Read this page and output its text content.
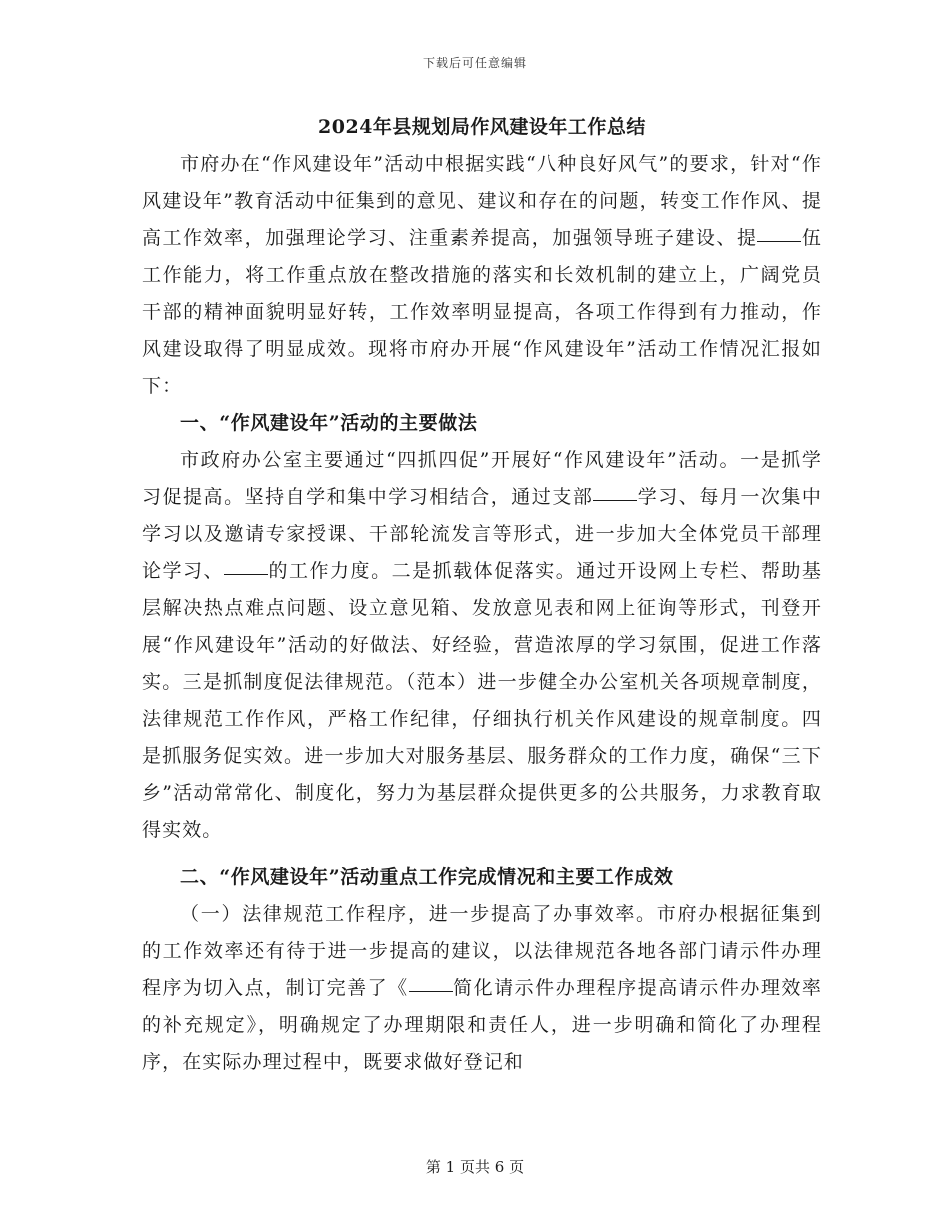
下载后可任意编辑
2024年县规划局作风建设年工作总结

市府办在“作风建设年”活动中根据实践“八种良好风气”的要求，针对“作风建设年”教育活动中征集到的意见、建议和存在的问题，转变工作作风、提高工作效率，加强理论学习、注重素养提高，加强领导班子建设、提 伍工作能力，将工作重点放在整改措施的落实和长效机制的建立上，广阔党员干部的精神面貌明显好转，工作效率明显提高，各项工作得到有力推动，作风建设取得了明显成效。现将市府办开展“作风建设年”活动工作情况汇报如下：

一、“作风建设年”活动的主要做法

市政府办公室主要通过“四抓四促”开展好“作风建设年”活动。一是抓学习促提高。坚持自学和集中学习相结合，通过支部 学习、每月一次集中学习以及邀请专家授课、干部轮流发言等形式，进一步加大全体党员干部理论学习、 的工作力度。二是抓载体促落实。通过开设网上专栏、帮助基层解决热点难点问题、设立意见箱、发放意见表和网上征询等形式，刊登开展“作风建设年”活动的好做法、好经验，营造浓厚的学习氛围，促进工作落实。三是抓制度促法律规范。（范本）进一步健全办公室机关各项规章制度，法律规范工作作风，严格工作纪律，仔细执行机关作风建设的规章制度。四是抓服务促实效。进一步加大对服务基层、服务群众的工作力度，确保“三下乡”活动常常化、制度化，努力为基层群众提供更多的公共服务，力求教育取得实效。

二、“作风建设年”活动重点工作完成情况和主要工作成效

（一）法律规范工作程序，进一步提高了办事效率。市府办根据征集到的工作效率还有待于进一步提高的建议，以法律规范各地各部门请示件办理程序为切入点，制订完善了《 简化请示件办理程序提高请示件办理效率的补充规定》，明确规定了办理期限和责任人，进一步明确和简化了办理程序，在实际办理过程中，既要求做好登记和

第 1 页共 6 页
